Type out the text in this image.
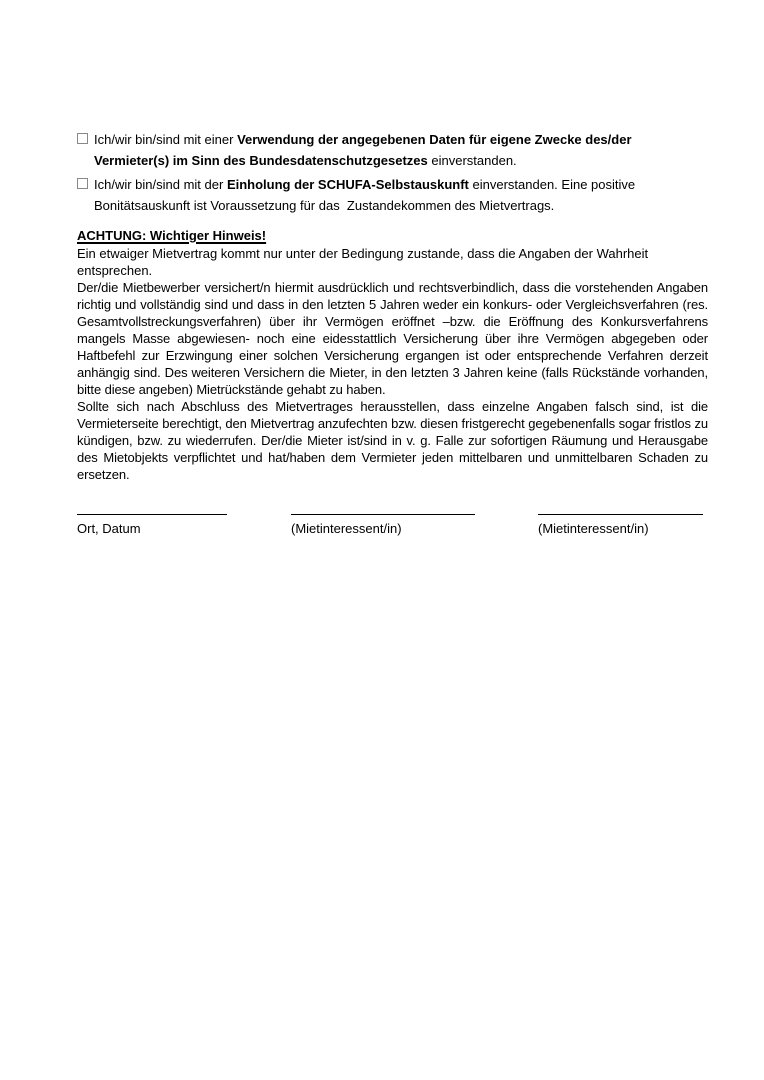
Ich/wir bin/sind mit einer Verwendung der angegebenen Daten für eigene Zwecke des/der Vermieter(s) im Sinn des Bundesdatenschutzgesetzes einverstanden.
Ich/wir bin/sind mit der Einholung der SCHUFA-Selbstauskunft einverstanden. Eine positive Bonitätsauskunft ist Voraussetzung für das  Zustandekommen des Mietvertrags.
ACHTUNG: Wichtiger Hinweis!
Ein etwaiger Mietvertrag kommt nur unter der Bedingung zustande, dass die Angaben der Wahrheit entsprechen.

Der/die Mietbewerber versichert/n hiermit ausdrücklich und rechtsverbindlich, dass die vorstehenden Angaben richtig und vollständig sind und dass in den letzten 5 Jahren weder ein konkurs- oder Vergleichsverfahren (res. Gesamtvollstreckungsverfahren) über ihr Vermögen eröffnet –bzw. die Eröffnung des Konkursverfahrens mangels Masse abgewiesen- noch eine eidesstattlich Versicherung über ihre Vermögen abgegeben oder Haftbefehl zur Erzwingung einer solchen Versicherung ergangen ist oder entsprechende Verfahren derzeit anhängig sind. Des weiteren Versichern die Mieter, in den letzten 3 Jahren keine (falls Rückstände vorhanden, bitte diese angeben) Mietrückstände gehabt zu haben.

Sollte sich nach Abschluss des Mietvertrages herausstellen, dass einzelne Angaben falsch sind, ist die Vermieterseite berechtigt, den Mietvertrag anzufechten bzw. diesen fristgerecht gegebenenfalls sogar fristlos zu kündigen, bzw. zu wiederrufen. Der/die Mieter ist/sind in v. g. Falle zur sofortigen Räumung und Herausgabe des Mietobjekts verpflichtet und hat/haben dem Vermieter jeden mittelbaren und unmittelbaren Schaden zu ersetzen.

Ort, Datum	(Mietinteressent/in)	(Mietinteressent/in)
